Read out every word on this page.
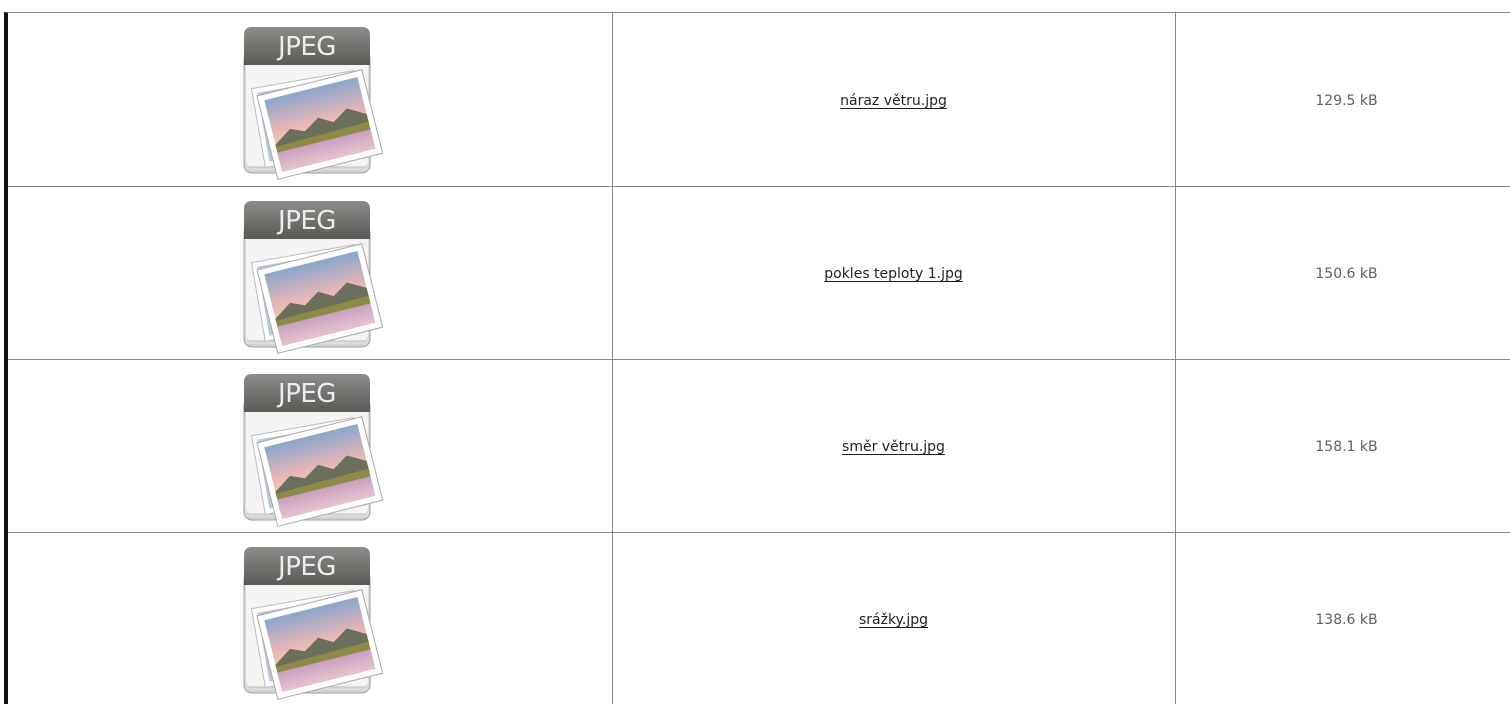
JPEG	náraz větru.jpg	129.5 kB

JPEG	pokles teploty 1.jpg	150.6 kB

JPEG	směr větru.jpg	158.1 kB

JPEG	srážky.jpg	138.6 kB
